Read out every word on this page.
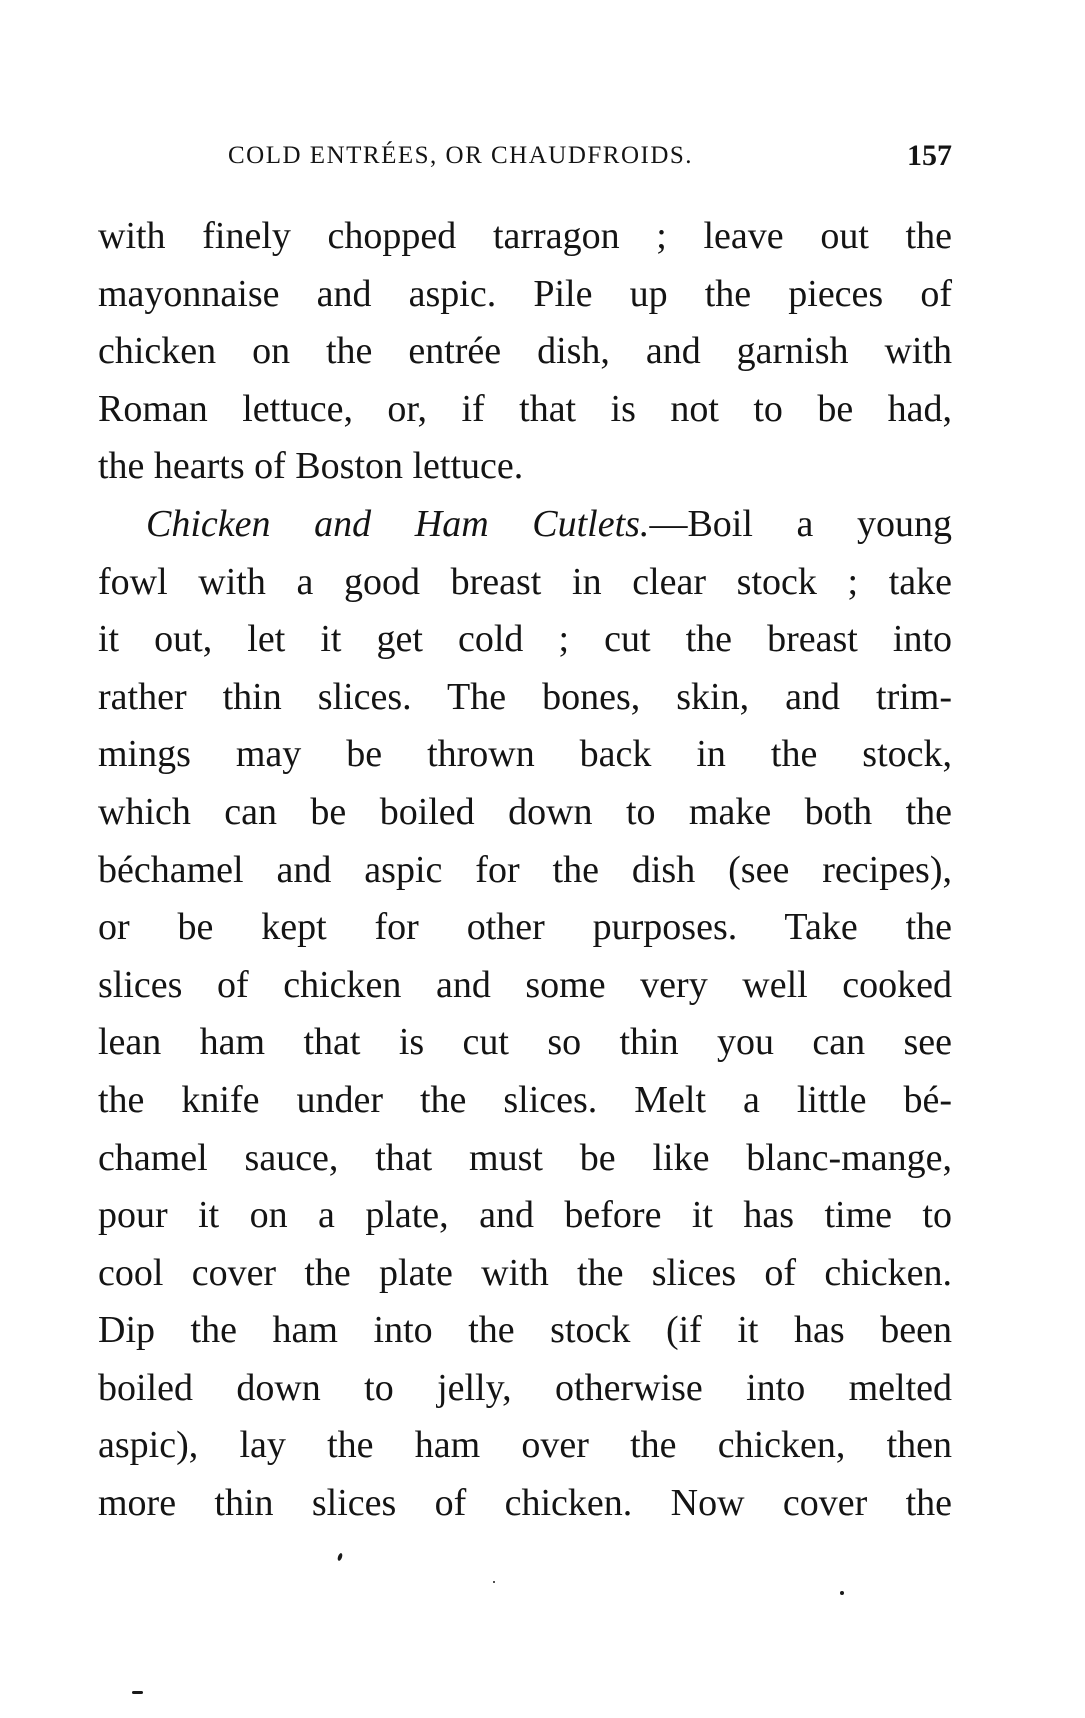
COLD ENTRÉES, OR CHAUDFROIDS.	157
with finely chopped tarragon ; leave out the
mayonnaise and aspic. Pile up the pieces of
chicken on the entrée dish, and garnish with
Roman lettuce, or, if that is not to be had,
the hearts of Boston lettuce.
Chicken and Ham Cutlets.—Boil a young
fowl with a good breast in clear stock ; take
it out, let it get cold ; cut the breast into
rather thin slices. The bones, skin, and trim-
mings may be thrown back in the stock,
which can be boiled down to make both the
béchamel and aspic for the dish (see recipes),
or be kept for other purposes. Take the
slices of chicken and some very well cooked
lean ham that is cut so thin you can see
the knife under the slices. Melt a little bé-
chamel sauce, that must be like blanc-mange,
pour it on a plate, and before it has time to
cool cover the plate with the slices of chicken.
Dip the ham into the stock (if it has been
boiled down to jelly, otherwise into melted
aspic), lay the ham over the chicken, then
more thin slices of chicken. Now cover the
